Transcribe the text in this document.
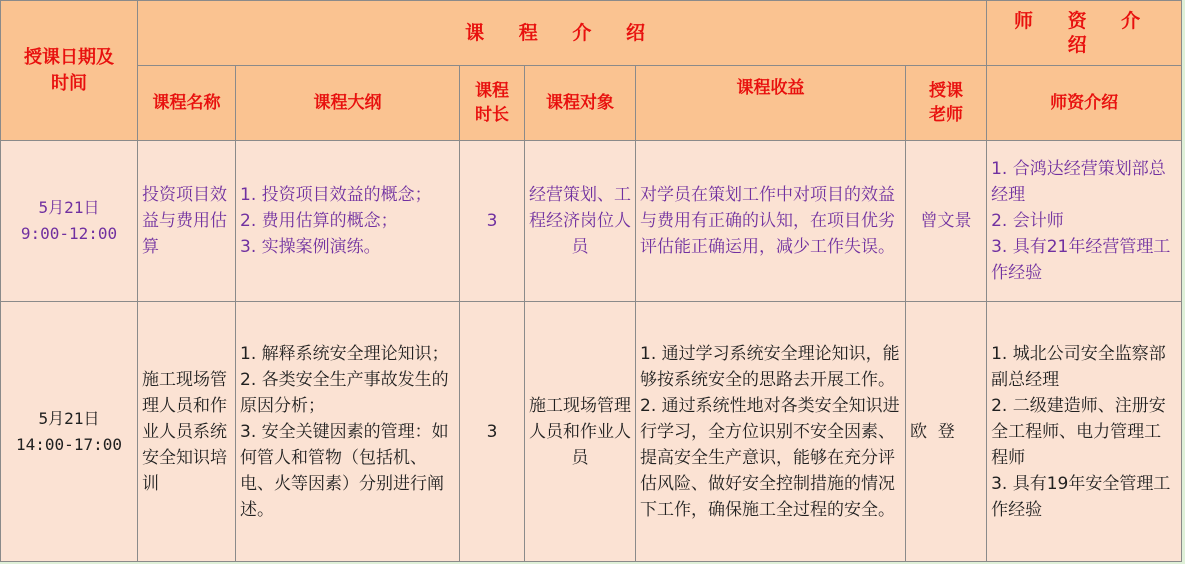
授课日期及时间	课 程 介 绍						师 资 介 绍
	课程名称	课程大纲	课程时长	课程对象	课程收益	授课老师	师资介绍

5月21日
9:00-12:00	投资项目效益与费用估算	1. 投资项目效益的概念；
2. 费用估算的概念；
3. 实操案例演练。	3	经营策划、工程经济岗位人员	对学员在策划工作中对项目的效益与费用有正确的认知，在项目优劣评估能正确运用，减少工作失误。	曾文景	1. 合鸿达经营策划部总经理
2. 会计师
3. 具有21年经营管理工作经验

5月21日
14:00-17:00	施工现场管理人员和作业人员系统安全知识培训	1. 解释系统安全理论知识；
2. 各类安全生产事故发生的原因分析；
3. 安全关键因素的管理：如何管人和管物（包括机、电、火等因素）分别进行阐述。	3	施工现场管理人员和作业人员	1. 通过学习系统安全理论知识，能够按系统安全的思路去开展工作。
2. 通过系统性地对各类安全知识进行学习，全方位识别不安全因素、提高安全生产意识，能够在充分评估风险、做好安全控制措施的情况下工作，确保施工全过程的安全。	欧  登	1. 城北公司安全监察部副总经理
2. 二级建造师、注册安全工程师、电力管理工程师
3. 具有19年安全管理工作经验
